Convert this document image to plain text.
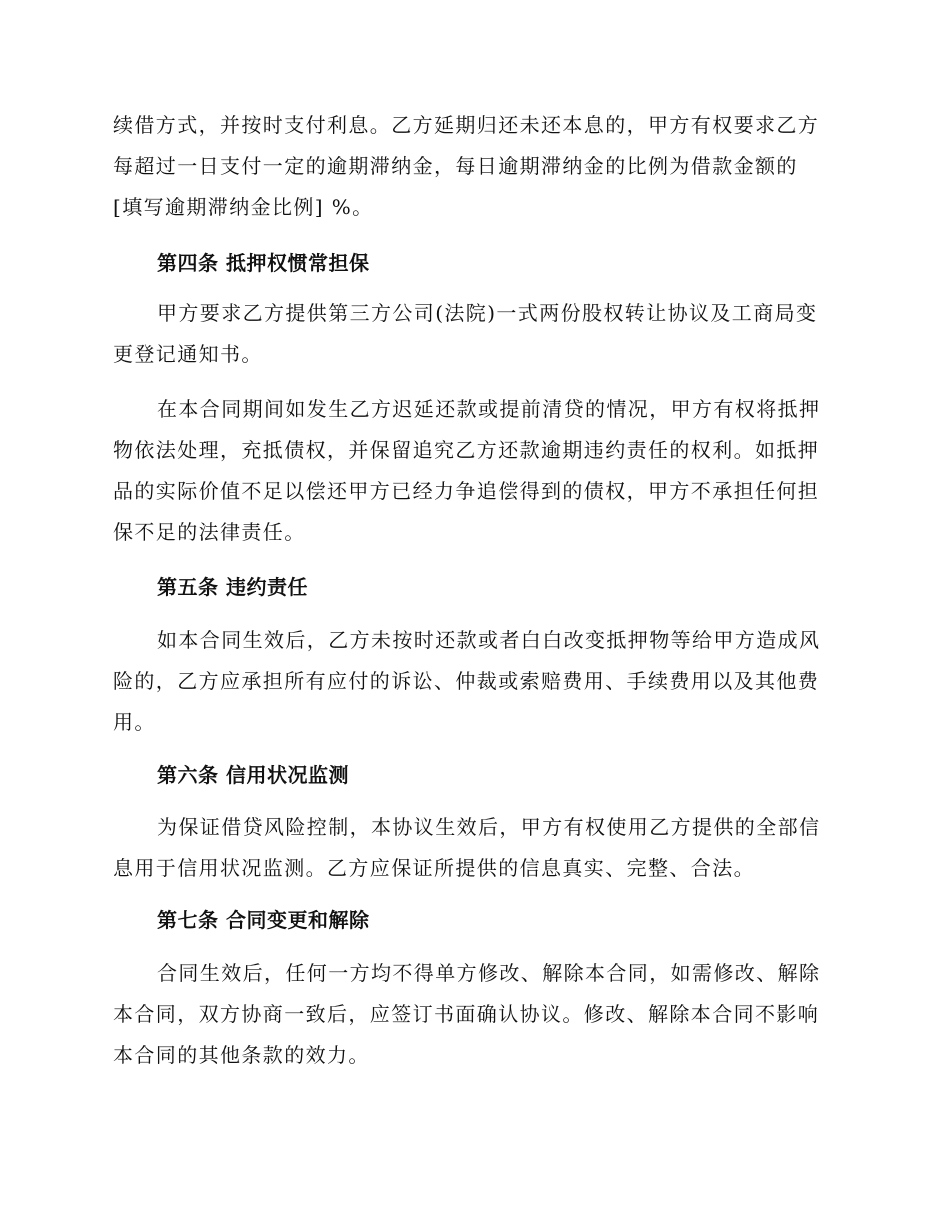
续借方式，并按时支付利息。乙方延期归还未还本息的，甲方有权要求乙方
每超过一日支付一定的逾期滞纳金，每日逾期滞纳金的比例为借款金额的
[填写逾期滞纳金比例] %。

第四条 抵押权惯常担保

甲方要求乙方提供第三方公司(法院)一式两份股权转让协议及工商局变
更登记通知书。

在本合同期间如发生乙方迟延还款或提前清贷的情况，甲方有权将抵押
物依法处理，充抵债权，并保留追究乙方还款逾期违约责任的权利。如抵押
品的实际价值不足以偿还甲方已经力争追偿得到的债权，甲方不承担任何担
保不足的法律责任。

第五条 违约责任

如本合同生效后，乙方未按时还款或者白白改变抵押物等给甲方造成风
险的，乙方应承担所有应付的诉讼、仲裁或索赔费用、手续费用以及其他费
用。

第六条 信用状况监测

为保证借贷风险控制，本协议生效后，甲方有权使用乙方提供的全部信
息用于信用状况监测。乙方应保证所提供的信息真实、完整、合法。

第七条 合同变更和解除

合同生效后，任何一方均不得单方修改、解除本合同，如需修改、解除
本合同，双方协商一致后，应签订书面确认协议。修改、解除本合同不影响
本合同的其他条款的效力。
